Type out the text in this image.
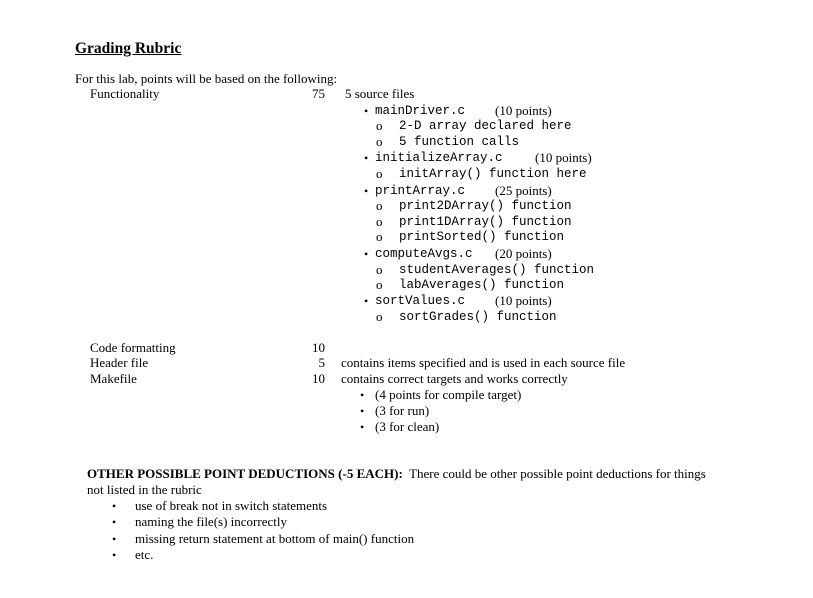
Grading Rubric
For this lab, points will be based on the following:
Functionality	75 5 source files
• mainDriver.c (10 points)
o 2-D array declared here
o 5 function calls
• initializeArray.c (10 points)
o initArray() function here
• printArray.c (25 points)
o print2DArray() function
o print1DArray() function
o printSorted() function
• computeAvgs.c (20 points)
o studentAverages() function
o labAverages() function
• sortValues.c (10 points)
o sortGrades() function
Code formatting	10
Header file	5 contains items specified and is used in each source file
Makefile	10 contains correct targets and works correctly
• (4 points for compile target)
• (3 for run)
• (3 for clean)
OTHER POSSIBLE POINT DEDUCTIONS (-5 EACH): There could be other possible point deductions for things
not listed in the rubric
• use of break not in switch statements
• naming the file(s) incorrectly
• missing return statement at bottom of main() function
• etc.
